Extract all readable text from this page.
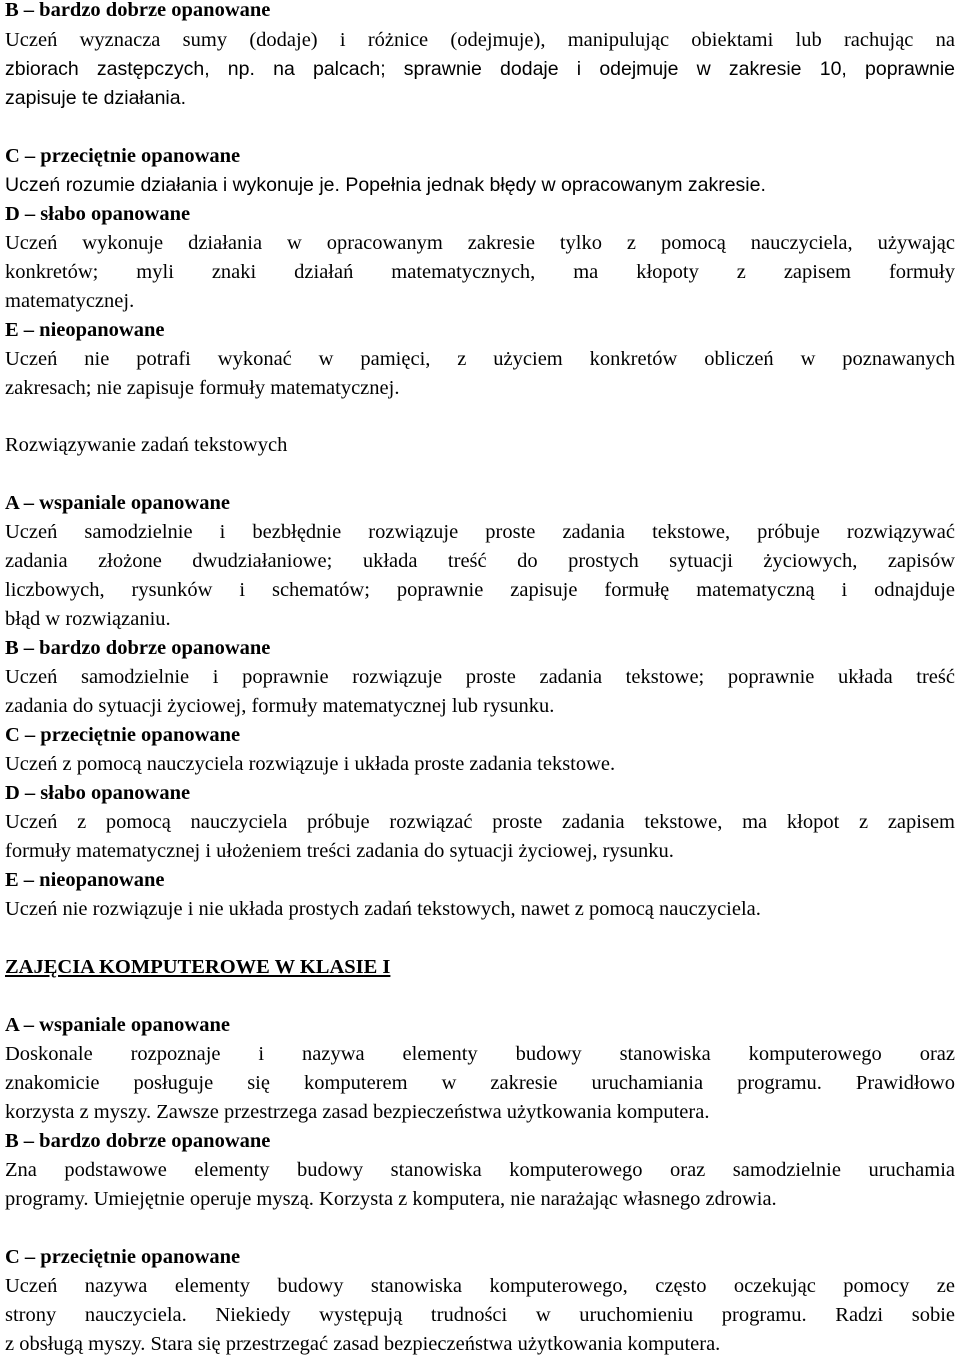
B – bardzo dobrze opanowane
Uczeń wyznacza sumy (dodaje) i różnice (odejmuje), manipulując obiektami lub rachując na
zbiorach zastępczych, np. na palcach; sprawnie dodaje i odejmuje w zakresie 10, poprawnie
zapisuje te działania.
C – przeciętnie opanowane
Uczeń rozumie działania i wykonuje je. Popełnia jednak błędy w opracowanym zakresie.
D – słabo opanowane
Uczeń wykonuje działania w opracowanym zakresie tylko z pomocą nauczyciela, używając
konkretów; myli znaki działań matematycznych, ma kłopoty z zapisem formuły
matematycznej.
E – nieopanowane
Uczeń nie potrafi wykonać w pamięci, z użyciem konkretów obliczeń w poznawanych
zakresach; nie zapisuje formuły matematycznej.
Rozwiązywanie zadań tekstowych
A – wspaniale opanowane
Uczeń samodzielnie i bezbłędnie rozwiązuje proste zadania tekstowe, próbuje rozwiązywać
zadania złożone dwudziałaniowe; układa treść do prostych sytuacji życiowych, zapisów
liczbowych, rysunków i schematów; poprawnie zapisuje formułę matematyczną i odnajduje
błąd w rozwiązaniu.
B – bardzo dobrze opanowane
Uczeń samodzielnie i poprawnie rozwiązuje proste zadania tekstowe; poprawnie układa treść
zadania do sytuacji życiowej, formuły matematycznej lub rysunku.
C – przeciętnie opanowane
Uczeń z pomocą nauczyciela rozwiązuje i układa proste zadania tekstowe.
D – słabo opanowane
Uczeń z pomocą nauczyciela próbuje rozwiązać proste zadania tekstowe, ma kłopot z zapisem
formuły matematycznej i ułożeniem treści zadania do sytuacji życiowej, rysunku.
E – nieopanowane
Uczeń nie rozwiązuje i nie układa prostych zadań tekstowych, nawet z pomocą nauczyciela.
ZAJĘCIA KOMPUTEROWE W KLASIE I
A – wspaniale opanowane
Doskonale rozpoznaje i nazywa elementy budowy stanowiska komputerowego oraz
znakomicie posługuje się komputerem w zakresie uruchamiania programu. Prawidłowo
korzysta z myszy. Zawsze przestrzega zasad bezpieczeństwa użytkowania komputera.
B – bardzo dobrze opanowane
Zna podstawowe elementy budowy stanowiska komputerowego oraz samodzielnie uruchamia
programy. Umiejętnie operuje myszą. Korzysta z komputera, nie narażając własnego zdrowia.
C – przeciętnie opanowane
Uczeń nazywa elementy budowy stanowiska komputerowego, często oczekując pomocy ze
strony nauczyciela. Niekiedy występują trudności w uruchomieniu programu. Radzi sobie
z obsługą myszy. Stara się przestrzegać zasad bezpieczeństwa użytkowania komputera.
